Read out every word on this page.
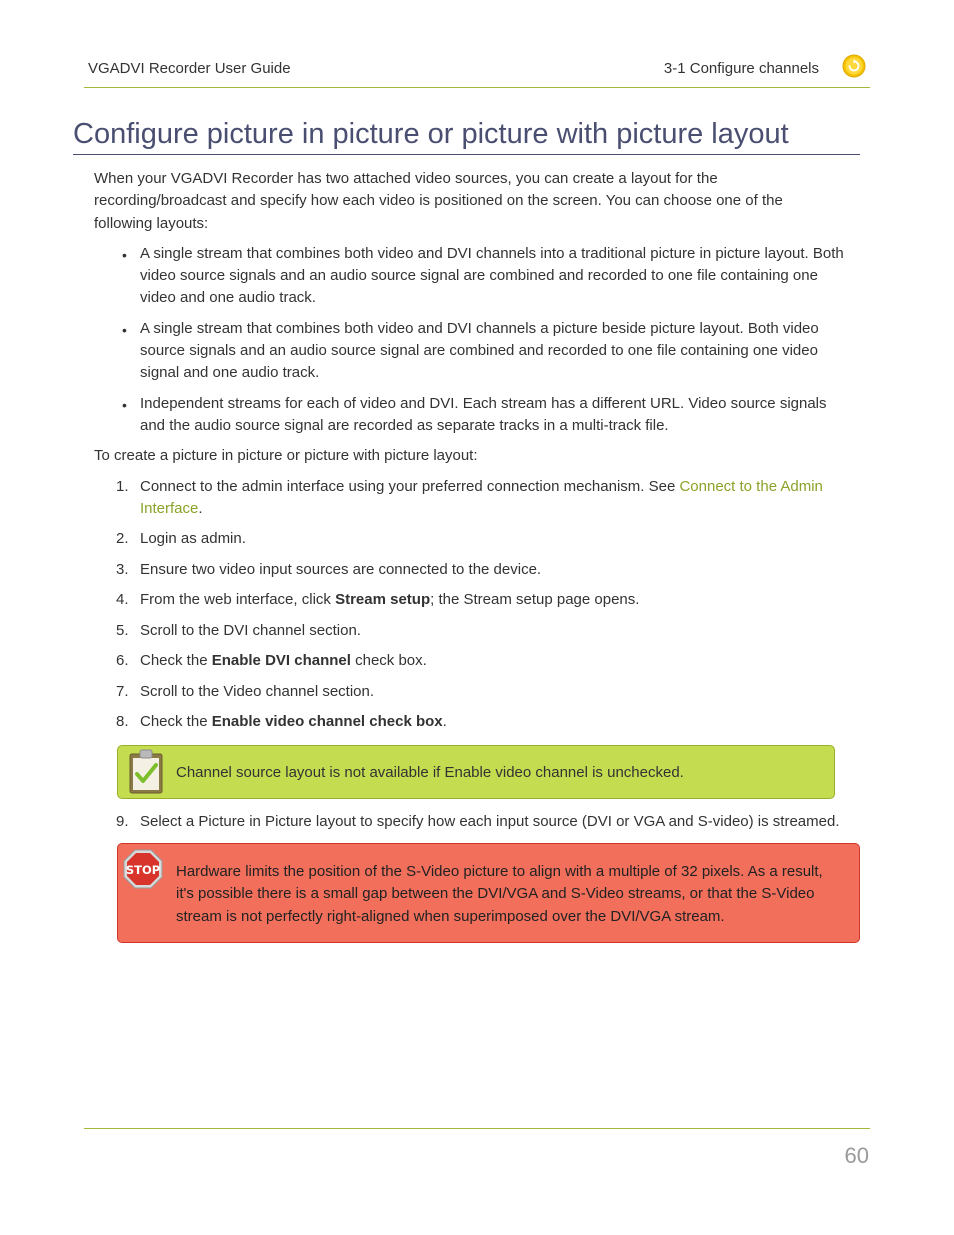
VGADVI Recorder User Guide	3-1 Configure channels
Configure picture in picture or picture with picture layout

When your VGADVI Recorder has two attached video sources, you can create a layout for the recording/broadcast and specify how each video is positioned on the screen. You can choose one of the following layouts:

• A single stream that combines both video and DVI channels into a traditional picture in picture layout. Both video source signals and an audio source signal are combined and recorded to one file containing one video and one audio track.
• A single stream that combines both video and DVI channels a picture beside picture layout. Both video source signals and an audio source signal are combined and recorded to one file containing one video signal and one audio track.
• Independent streams for each of video and DVI. Each stream has a different URL. Video source signals and the audio source signal are recorded as separate tracks in a multi-track file.

To create a picture in picture or picture with picture layout:

1. Connect to the admin interface using your preferred connection mechanism. See Connect to the Admin Interface.
2. Login as admin.
3. Ensure two video input sources are connected to the device.
4. From the web interface, click Stream setup; the Stream setup page opens.
5. Scroll to the DVI channel section.
6. Check the Enable DVI channel check box.
7. Scroll to the Video channel section.
8. Check the Enable video channel check box.
Channel source layout is not available if Enable video channel is unchecked.
9. Select a Picture in Picture layout to specify how each input source (DVI or VGA and S-video) is streamed.
STOP Hardware limits the position of the S-Video picture to align with a multiple of 32 pixels. As a result, it's possible there is a small gap between the DVI/VGA and S-Video streams, or that the S-Video stream is not perfectly right-aligned when superimposed over the DVI/VGA stream.
60
